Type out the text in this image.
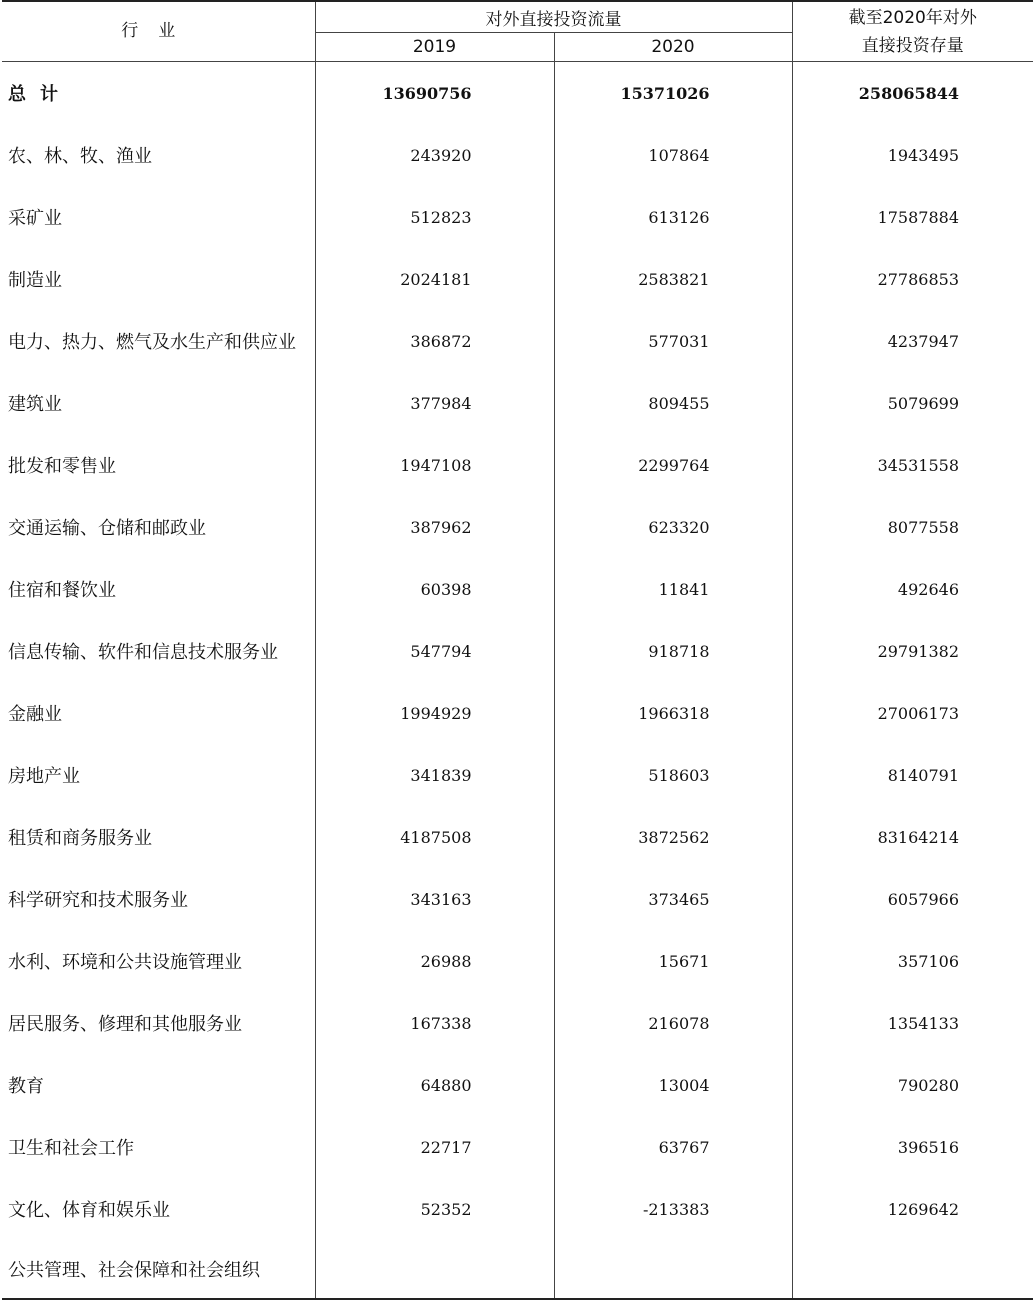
行业	对外直接投资流量		截至2020年对外
直接投资存量

	2019	2020	
总计	13690756	15371026	258065844
农、林、牧、渔业	243920	107864	1943495
采矿业	512823	613126	17587884
制造业	2024181	2583821	27786853
电力、热力、燃气及水生产和供应业	386872	577031	4237947
建筑业	377984	809455	5079699
批发和零售业	1947108	2299764	34531558
交通运输、仓储和邮政业	387962	623320	8077558
住宿和餐饮业	60398	11841	492646
信息传输、软件和信息技术服务业	547794	918718	29791382
金融业	1994929	1966318	27006173
房地产业	341839	518603	8140791
租赁和商务服务业	4187508	3872562	83164214
科学研究和技术服务业	343163	373465	6057966
水利、环境和公共设施管理业	26988	15671	357106
居民服务、修理和其他服务业	167338	216078	1354133
教育	64880	13004	790280
卫生和社会工作	22717	63767	396516
文化、体育和娱乐业	52352	-213383	1269642
公共管理、社会保障和社会组织			
